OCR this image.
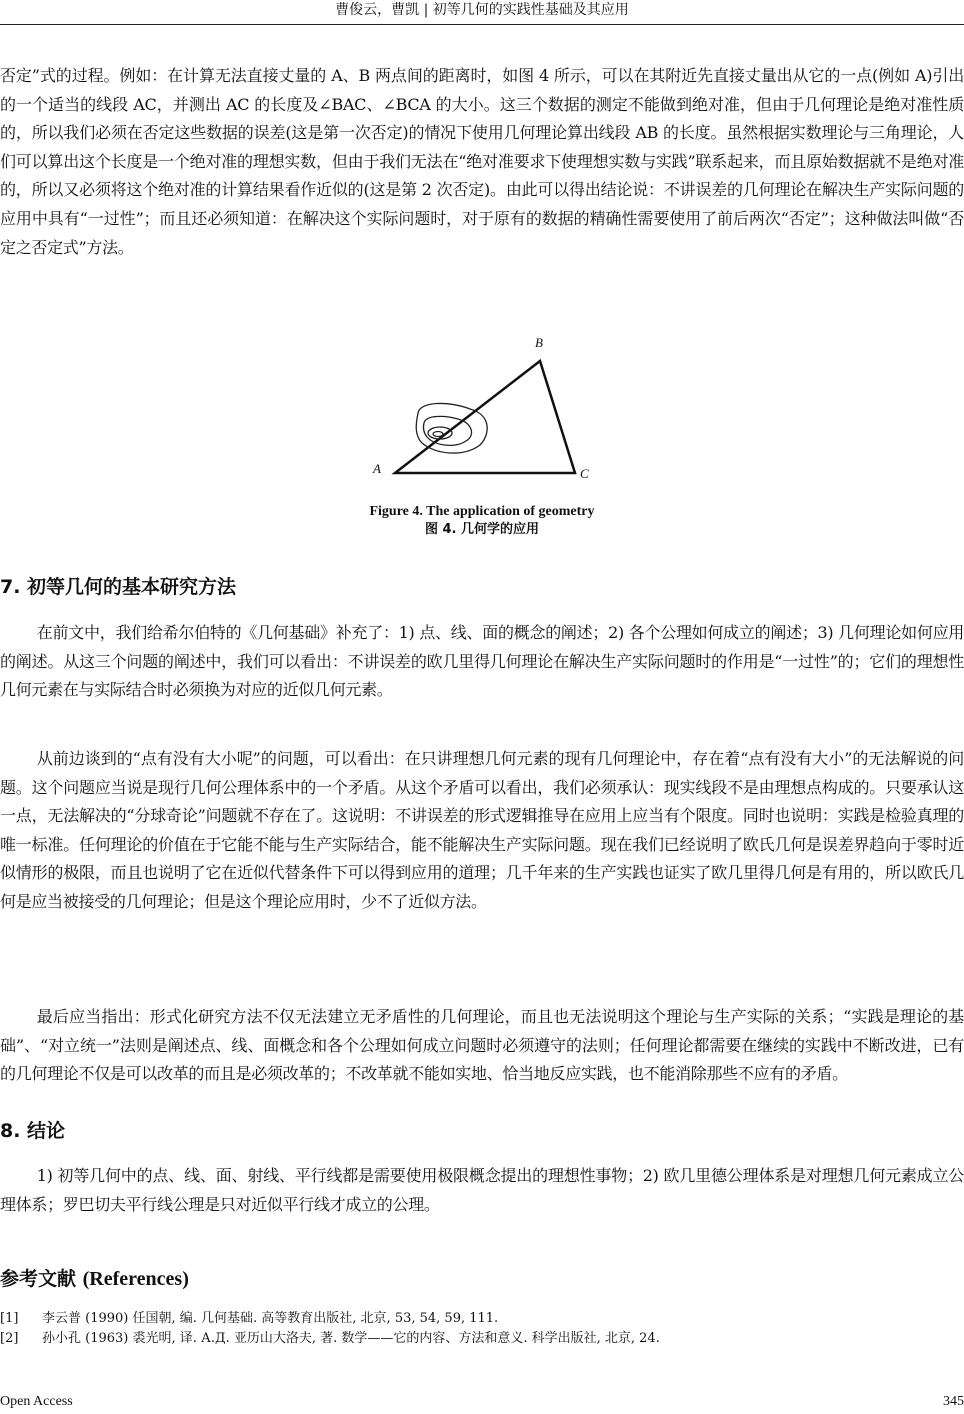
曹俊云，曹凯 | 初等几何的实践性基础及其应用

否定”式的过程。例如：在计算无法直接丈量的 A、B 两点间的距离时，如图 4 所示，可以在其附近先直接丈量出从它的一点(例如 A)引出的一个适当的线段 AC，并测出 AC 的长度及∠BAC、∠BCA 的大小。这三个数据的测定不能做到绝对准，但由于几何理论是绝对准性质的，所以我们必须在否定这些数据的误差(这是第一次否定)的情况下使用几何理论算出线段 AB 的长度。虽然根据实数理论与三角理论，人们可以算出这个长度是一个绝对准的理想实数，但由于我们无法在“绝对准要求下使理想实数与实践”联系起来，而且原始数据就不是绝对准的，所以又必须将这个绝对准的计算结果看作近似的(这是第 2 次否定)。由此可以得出结论说：不讲误差的几何理论在解决生产实际问题的应用中具有“一过性”；而且还必须知道：在解决这个实际问题时，对于原有的数据的精确性需要使用了前后两次“否定”；这种做法叫做“否定之否定式”方法。

B
A	C
Figure 4. The application of geometry
图 4. 几何学的应用
7. 初等几何的基本研究方法

在前文中，我们给希尔伯特的《几何基础》补充了：1) 点、线、面的概念的阐述；2) 各个公理如何成立的阐述；3) 几何理论如何应用的阐述。从这三个问题的阐述中，我们可以看出：不讲误差的欧几里得几何理论在解决生产实际问题时的作用是“一过性”的；它们的理想性几何元素在与实际结合时必须换为对应的近似几何元素。

从前边谈到的“点有没有大小呢”的问题，可以看出：在只讲理想几何元素的现有几何理论中，存在着“点有没有大小”的无法解说的问题。这个问题应当说是现行几何公理体系中的一个矛盾。从这个矛盾可以看出，我们必须承认：现实线段不是由理想点构成的。只要承认这一点，无法解决的“分球奇论”问题就不存在了。这说明：不讲误差的形式逻辑推导在应用上应当有个限度。同时也说明：实践是检验真理的唯一标准。任何理论的价值在于它能不能与生产实际结合，能不能解决生产实际问题。现在我们已经说明了欧氏几何是误差界趋向于零时近似情形的极限，而且也说明了它在近似代替条件下可以得到应用的道理；几千年来的生产实践也证实了欧几里得几何是有用的，所以欧氏几何是应当被接受的几何理论；但是这个理论应用时，少不了近似方法。

最后应当指出：形式化研究方法不仅无法建立无矛盾性的几何理论，而且也无法说明这个理论与生产实际的关系；“实践是理论的基础”、“对立统一”法则是阐述点、线、面概念和各个公理如何成立问题时必须遵守的法则；任何理论都需要在继续的实践中不断改进，已有的几何理论不仅是可以改革的而且是必须改革的；不改革就不能如实地、恰当地反应实践，也不能消除那些不应有的矛盾。

8. 结论

1) 初等几何中的点、线、面、射线、平行线都是需要使用极限概念提出的理想性事物；2) 欧几里德公理体系是对理想几何元素成立公理体系；罗巴切夫平行线公理是只对近似平行线才成立的公理。

参考文献 (References)
[1] 李云普 (1990) 任国朝, 编. 几何基础. 高等教育出版社, 北京, 53, 54, 59, 111.
[2] 孙小孔 (1963) 裘光明, 译. А.Д. 亚历山大洛夫, 著. 数学——它的内容、方法和意义. 科学出版社, 北京, 24.
Open Access	345
